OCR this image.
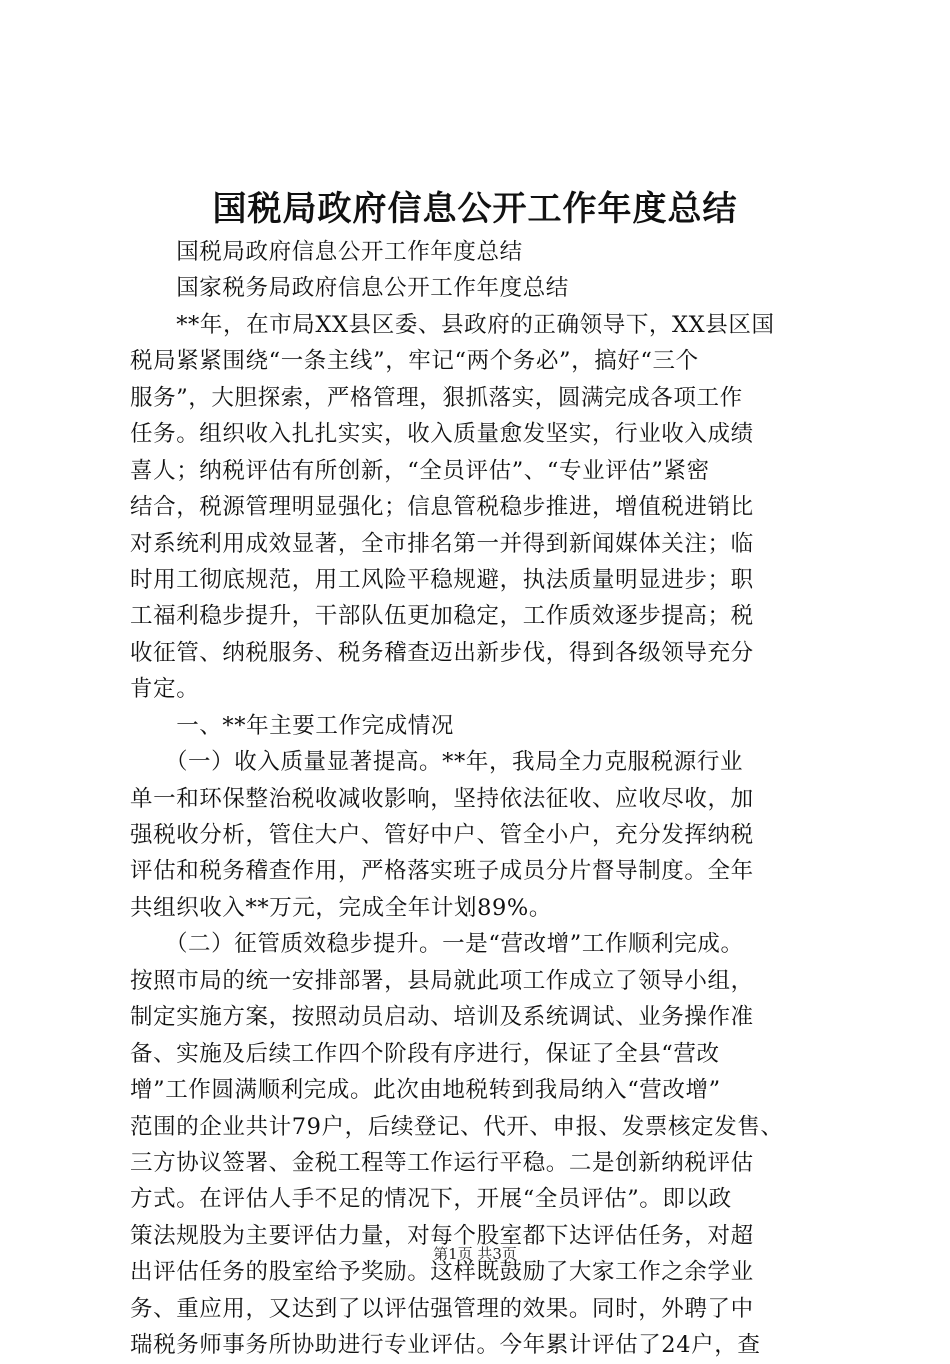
国税局政府信息公开工作年度总结
　　国税局政府信息公开工作年度总结
　　国家税务局政府信息公开工作年度总结
　　**年，在市局XX县区委、县政府的正确领导下，XX县区国
税局紧紧围绕“一条主线”，牢记“两个务必”，搞好“三个
服务”，大胆探索，严格管理，狠抓落实，圆满完成各项工作
任务。组织收入扎扎实实，收入质量愈发坚实，行业收入成绩
喜人；纳税评估有所创新，“全员评估”、“专业评估”紧密
结合，税源管理明显强化；信息管税稳步推进，增值税进销比
对系统利用成效显著，全市排名第一并得到新闻媒体关注；临
时用工彻底规范，用工风险平稳规避，执法质量明显进步；职
工福利稳步提升，干部队伍更加稳定，工作质效逐步提高；税
收征管、纳税服务、税务稽查迈出新步伐，得到各级领导充分
肯定。
　　一、**年主要工作完成情况
　　（一）收入质量显著提高。**年，我局全力克服税源行业
单一和环保整治税收减收影响，坚持依法征收、应收尽收，加
强税收分析，管住大户、管好中户、管全小户，充分发挥纳税
评估和税务稽查作用，严格落实班子成员分片督导制度。全年
共组织收入**万元，完成全年计划89%。
　　（二）征管质效稳步提升。一是“营改增”工作顺利完成。
按照市局的统一安排部署，县局就此项工作成立了领导小组，
制定实施方案，按照动员启动、培训及系统调试、业务操作准
备、实施及后续工作四个阶段有序进行，保证了全县“营改
增”工作圆满顺利完成。此次由地税转到我局纳入“营改增”
范围的企业共计79户，后续登记、代开、申报、发票核定发售、
三方协议签署、金税工程等工作运行平稳。二是创新纳税评估
方式。在评估人手不足的情况下，开展“全员评估”。即以政
策法规股为主要评估力量，对每个股室都下达评估任务，对超
出评估任务的股室给予奖励。这样既鼓励了大家工作之余学业
务、重应用，又达到了以评估强管理的效果。同时，外聘了中
瑞税务师事务所协助进行专业评估。今年累计评估了24户，查
第1页 共3页
